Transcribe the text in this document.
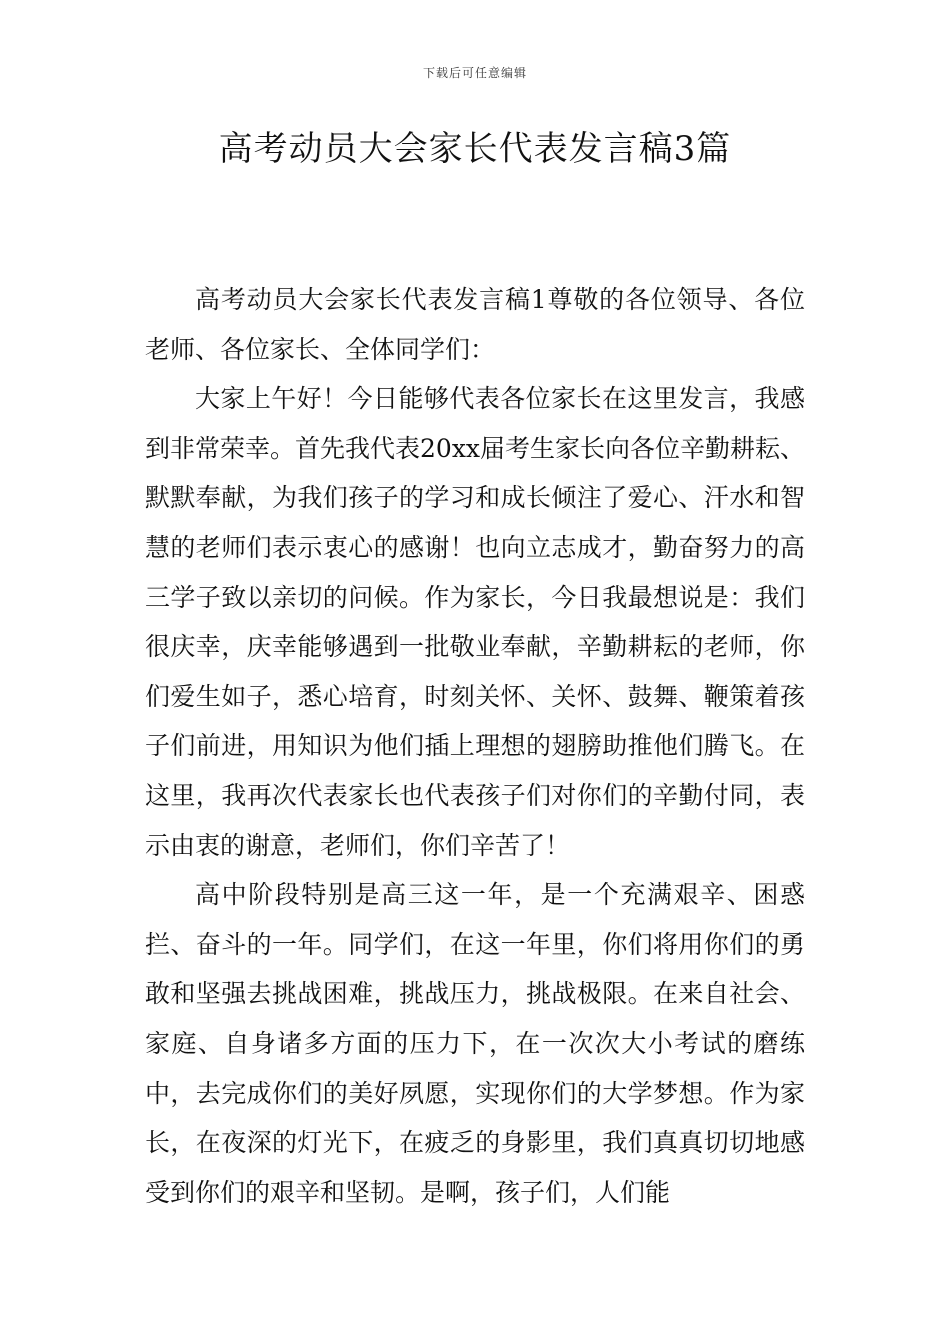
下载后可任意编辑
高考动员大会家长代表发言稿3篇

高考动员大会家长代表发言稿1尊敬的各位领导、各位老师、各位家长、全体同学们：

大家上午好！今日能够代表各位家长在这里发言，我感到非常荣幸。首先我代表20xx届考生家长向各位辛勤耕耘、默默奉献，为我们孩子的学习和成长倾注了爱心、汗水和智慧的老师们表示衷心的感谢！也向立志成才，勤奋努力的高三学子致以亲切的问候。作为家长，今日我最想说是：我们很庆幸，庆幸能够遇到一批敬业奉献，辛勤耕耘的老师，你们爱生如子，悉心培育，时刻关怀、关怀、鼓舞、鞭策着孩子们前进，用知识为他们插上理想的翅膀助推他们腾飞。在这里，我再次代表家长也代表孩子们对你们的辛勤付同，表示由衷的谢意，老师们，你们辛苦了！

高中阶段特别是高三这一年，是一个充满艰辛、困惑拦、奋斗的一年。同学们，在这一年里，你们将用你们的勇敢和坚强去挑战困难，挑战压力，挑战极限。在来自社会、家庭、自身诸多方面的压力下，在一次次大小考试的磨练中，去完成你们的美好夙愿，实现你们的大学梦想。作为家长，在夜深的灯光下，在疲乏的身影里，我们真真切切地感受到你们的艰辛和坚韧。是啊，孩子们，人们能
